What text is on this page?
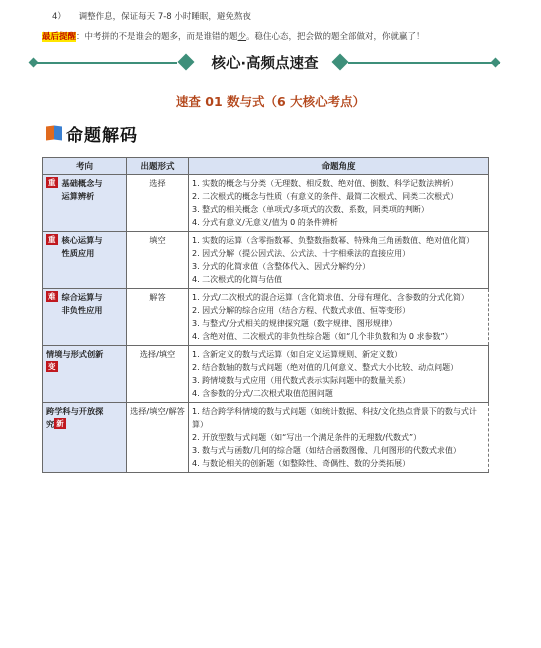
4） 调整作息，保证每天 7-8 小时睡眠，避免熬夜
最后提醒：中考拼的不是谁会的题多，而是谁错的题少。稳住心态，把会做的题全部做对，你就赢了！
核心·高频点速查
速查 01 数与式（6 大核心考点）
命题解码
考向	出题形式	命题角度

重 基础概念与
运算辨析	选择	1. 实数的概念与分类（无理数、相反数、绝对值、倒数、科学记数法辨析）
2. 二次根式的概念与性质（有意义的条件、最简二次根式、同类二次根式）
3. 整式的相关概念（单项式/多项式的次数、系数，同类项的判断）
4. 分式有意义/无意义/值为 0 的条件辨析

重 核心运算与
性质应用	填空	1. 实数的运算（含零指数幂、负整数指数幂、特殊角三角函数值、绝对值化简）
2. 因式分解（提公因式法、公式法、十字相乘法的直接应用）
3. 分式的化简求值（含整体代入、因式分解约分）
4. 二次根式的化简与估值

难 综合运算与
非负性应用	解答	1. 分式/二次根式的混合运算（含化简求值、分母有理化、含参数的分式化简）
2. 因式分解的综合应用（结合方程、代数式求值、恒等变形）
3. 与整式/分式相关的规律探究题（数字规律、图形规律）
4. 含绝对值、二次根式的非负性综合题（如“几个非负数和为 0 求参数”）

情境与形式创新
变	选择/填空	1. 含新定义的数与式运算（如自定义运算规则、新定义数）
2. 结合数轴的数与式问题（绝对值的几何意义、整式大小比较、动点问题）
3. 跨情境数与式应用（用代数式表示实际问题中的数量关系）
4. 含参数的分式/二次根式取值范围问题

跨学科与开放探
究 新	选择/填空/解答	1. 结合跨学科情境的数与式问题（如统计数据、科技/文化热点背景下的数与式计算）
2. 开放型数与式问题（如“写出一个满足条件的无理数/代数式”）
3. 数与式与函数/几何的综合题（如结合函数图像、几何图形的代数式求值）
4. 与数论相关的创新题（如整除性、奇偶性、数的分类拓展）
